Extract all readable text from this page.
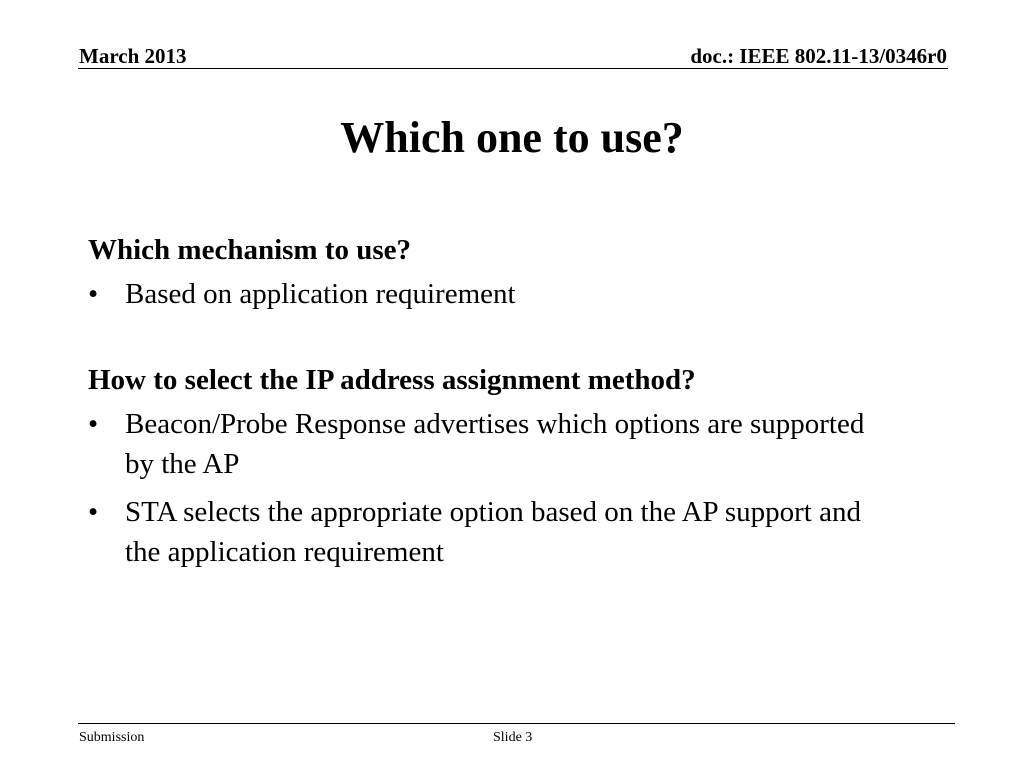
March 2013	doc.: IEEE 802.11-13/0346r0
Which one to use?

Which mechanism to use?

• Based on application requirement

How to select the IP address assignment method?

• Beacon/Probe Response advertises which options are supported by the AP
• STA selects the appropriate option based on the AP support and the application requirement
Submission	Slide 3
